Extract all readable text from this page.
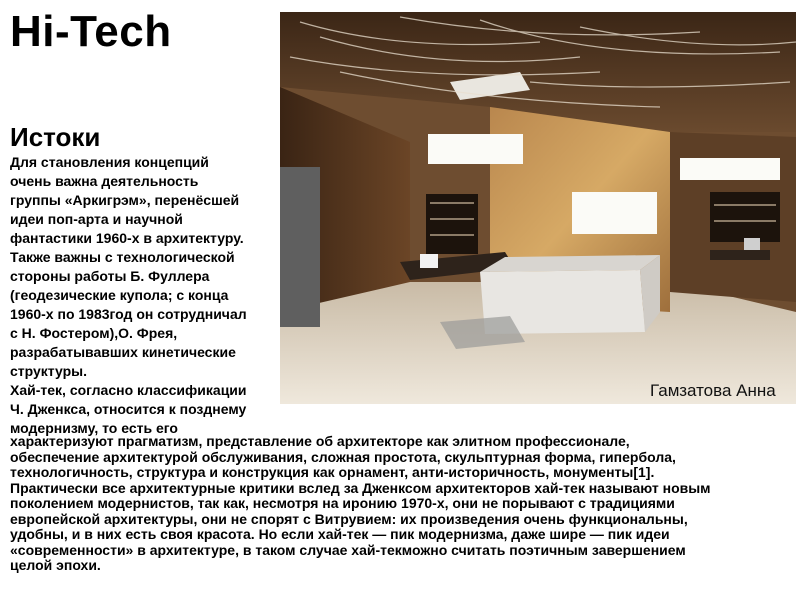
Hi-Tech
Истоки
Для становления концепций
очень важна деятельность
группы «Аркигрэм», перенёсшей
идеи поп-арта и научной
фантастики 1960-х в архитектуру.
Также важны с технологической
стороны работы Б. Фуллера
(геодезические купола; с конца
1960-х по 1983год он сотрудничал
с Н. Фостером),О. Фрея,
разрабатывавших кинетические
структуры.
Хай-тек, согласно классификации
Ч. Дженкса, относится к позднему
модернизму, то есть его
Гамзатова Анна
характеризуют прагматизм, представление об архитекторе как элитном профессионале,
обеспечение архитектурой обслуживания, сложная простота, скульптурная форма, гипербола,
технологичность, структура и конструкция как орнамент, анти-историчность, монументы[1].
Практически все архитектурные критики вслед за Дженксом архитекторов хай-тек называют новым
поколением модернистов, так как, несмотря на иронию 1970-х, они не порывают с традициями
европейской архитектуры, они не спорят с Витрувием: их произведения очень функциональны,
удобны, и в них есть своя красота. Но если хай-тек — пик модернизма, даже шире — пик идеи
«современности» в архитектуре, в таком случае хай-текможно считать поэтичным завершением
целой эпохи.
